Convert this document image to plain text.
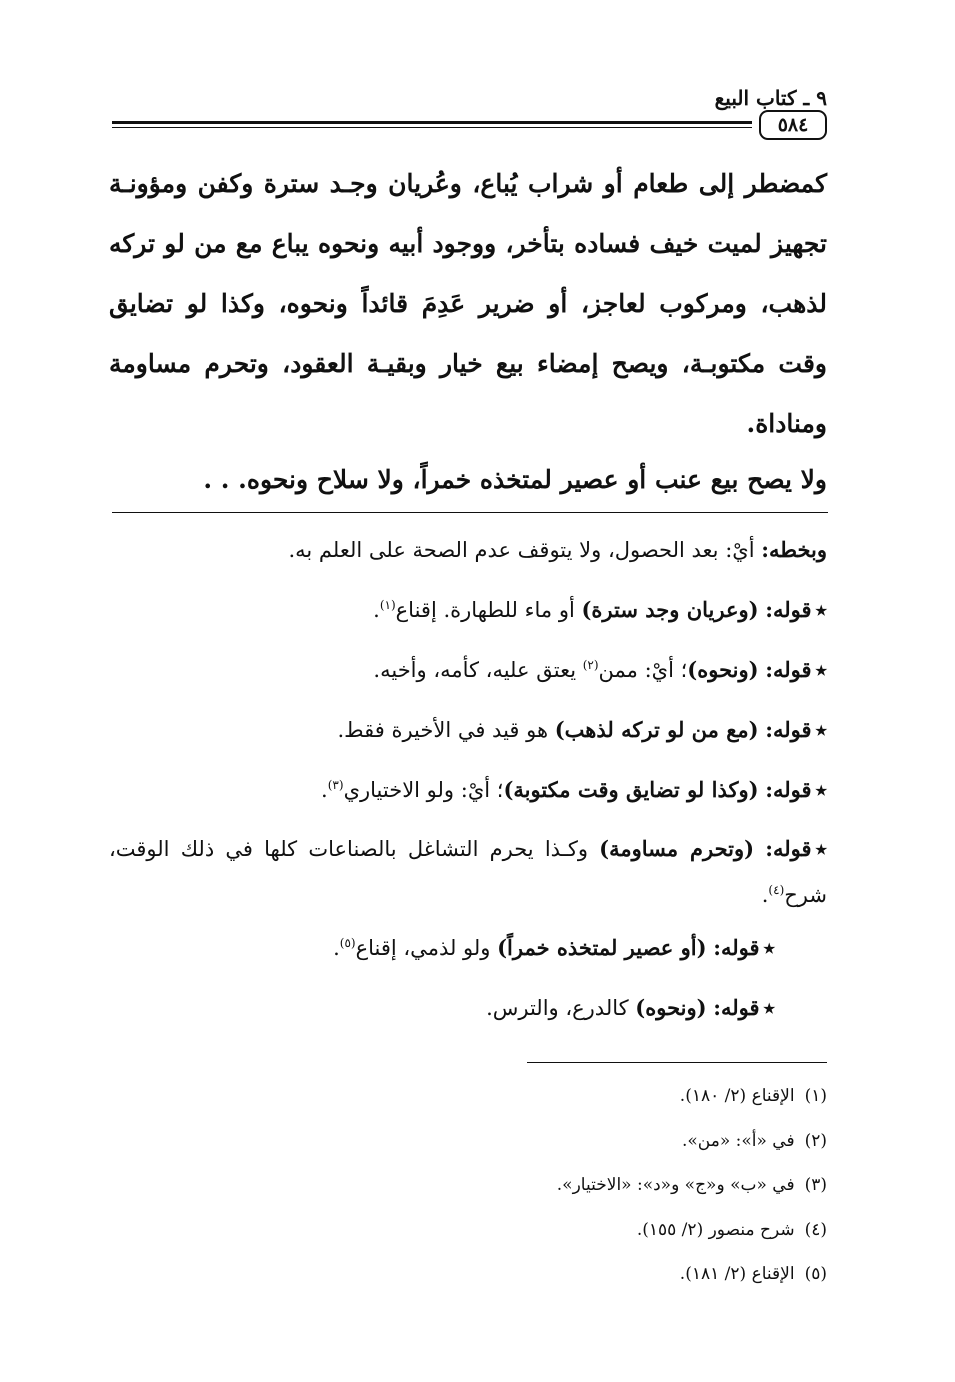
٩ ـ كتاب البيع
٥٨٤
كمضطر إلى طعام أو شراب يُباع، وعُريان وجـد سترة وكفن ومؤونـة تجهيز لميت خيف فساده بتأخر، ووجود أبيه ونحوه يباع مع من لو تركه لذهب، ومركوب لعاجز، أو ضرير عَدِمَ قائداً ونحوه، وكذا لو تضايق وقت مكتوبـة، ويصح إمضاء بيع خيار وبقيـة العقود، وتحرم مساومة ومناداة.
ولا يصح بيع عنب أو عصير لمتخذه خمراً، ولا سلاح ونحوه. . .

وبخطه: أيْ: بعد الحصول، ولا يتوقف عدم الصحة على العلم به.

٭قوله: (وعريان وجد سترة) أو ماء للطهارة. إقناع$^{(١)}$.

٭قوله: (ونحوه)؛ أيْ: ممن$^{(٢)}$ يعتق عليه، كأمه، وأخيه.

٭قوله: (مع من لو تركه لذهب) هو قيد في الأخيرة فقط.

٭قوله: (وكذا لو تضايق وقت مكتوبة)؛ أيْ: ولو الاختياري$^{(٣)}$.

٭قوله: (وتحرم مساومة) وكـذا يحرم التشاغل بالصناعات كلها في ذلك الوقت، شرح$^{(٤)}$.

٭قوله: (أو عصير لمتخذه خمراً) ولو لذمي، إقناع$^{(٥)}$.

٭قوله: (ونحوه) كالدرع، والترس.

(١)الإقناع (٢/ ١٨٠).
(٢)في «أ»: «من».
(٣)في «ب» و«ج» و«د»: «الاختيار».
(٤)شرح منصور (٢/ ١٥٥).
(٥)الإقناع (٢/ ١٨١).
